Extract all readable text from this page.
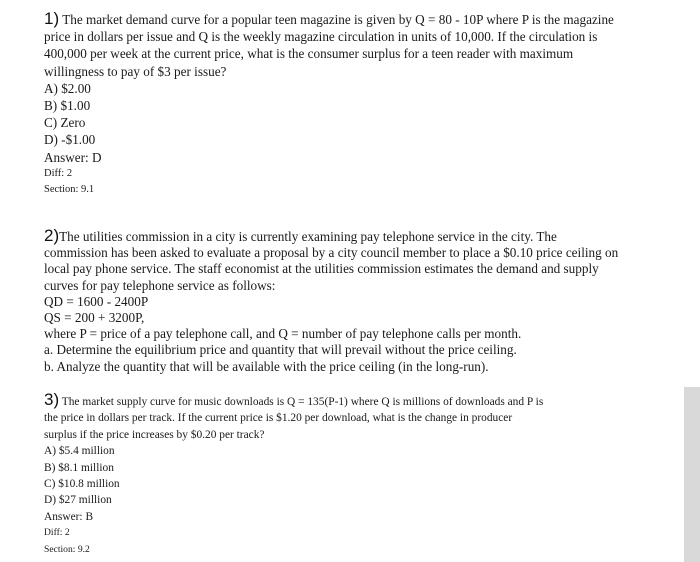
1) The market demand curve for a popular teen magazine is given by Q = 80 - 10P where P is the magazine
price in dollars per issue and Q is the weekly magazine circulation in units of 10,000. If the circulation is
400,000 per week at the current price, what is the consumer surplus for a teen reader with maximum
willingness to pay of $3 per issue?
A) $2.00
B) $1.00
C) Zero
D) -$1.00
Answer: D
Diff: 2
Section: 9.1
2)The utilities commission in a city is currently examining pay telephone service in the city. The
commission has been asked to evaluate a proposal by a city council member to place a $0.10 price ceiling on
local pay phone service. The staff economist at the utilities commission estimates the demand and supply
curves for pay telephone service as follows:
QD = 1600 - 2400P
QS = 200 + 3200P,
where P = price of a pay telephone call, and Q = number of pay telephone calls per month.
a. Determine the equilibrium price and quantity that will prevail without the price ceiling.
b. Analyze the quantity that will be available with the price ceiling (in the long-run).
3) The market supply curve for music downloads is Q = 135(P-1) where Q is millions of downloads and P is
the price in dollars per track. If the current price is $1.20 per download, what is the change in producer
surplus if the price increases by $0.20 per track?
A) $5.4 million
B) $8.1 million
C) $10.8 million
D) $27 million
Answer: B
Diff: 2
Section: 9.2
